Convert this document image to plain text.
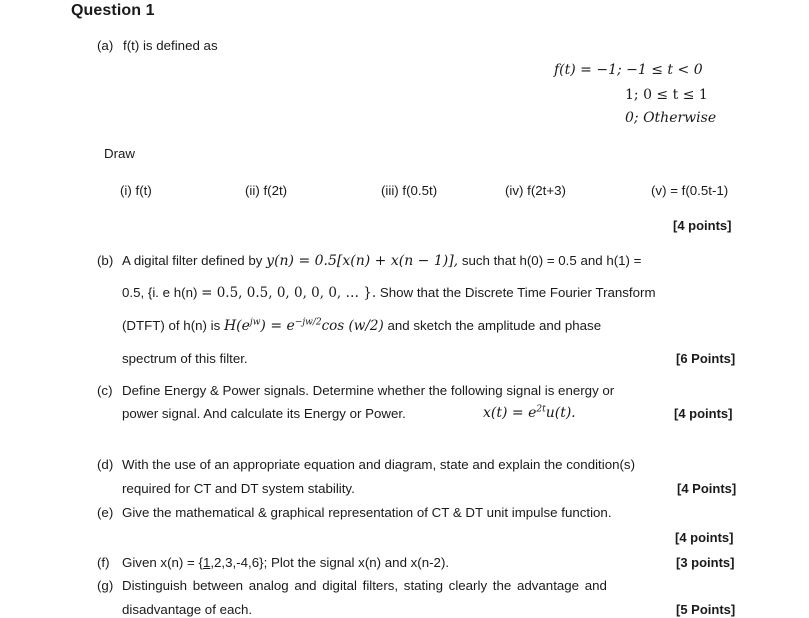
Question 1
(a) f(t) is defined as
f(t) = −1; −1 ≤ t < 0
1; 0 ≤ t ≤ 1
0; Otherwise
Draw
(i) f(t)	(ii) f(2t)	(iii) f(0.5t)	(iv) f(2t+3)	(v) = f(0.5t-1)
[4 points]
(b) A digital filter defined by y(n) = 0.5[x(n) + x(n − 1)], such that h(0) = 0.5 and h(1) =
0.5, {i. e h(n) = 0.5, 0.5, 0, 0, 0, 0, … }. Show that the Discrete Time Fourier Transform
(DTFT) of h(n) is $H(e^{jw}) = e^{-jw/2}\cos$ (w/2) and sketch the amplitude and phase
spectrum of this filter.	[6 Points]
(c) Define Energy & Power signals. Determine whether the following signal is energy or
power signal. And calculate its Energy or Power.	$x(t) = e^{2t}u(t)$.	[4 points]
(d) With the use of an appropriate equation and diagram, state and explain the condition(s)
required for CT and DT system stability.	[4 Points]
(e) Give the mathematical & graphical representation of CT & DT unit impulse function.
[4 points]
(f) Given x(n) = {1,2,3,-4,6}; Plot the signal x(n) and x(n-2).	[3 points]
(g) Distinguish between analog and digital filters, stating clearly the advantage and
disadvantage of each.	[5 Points]
